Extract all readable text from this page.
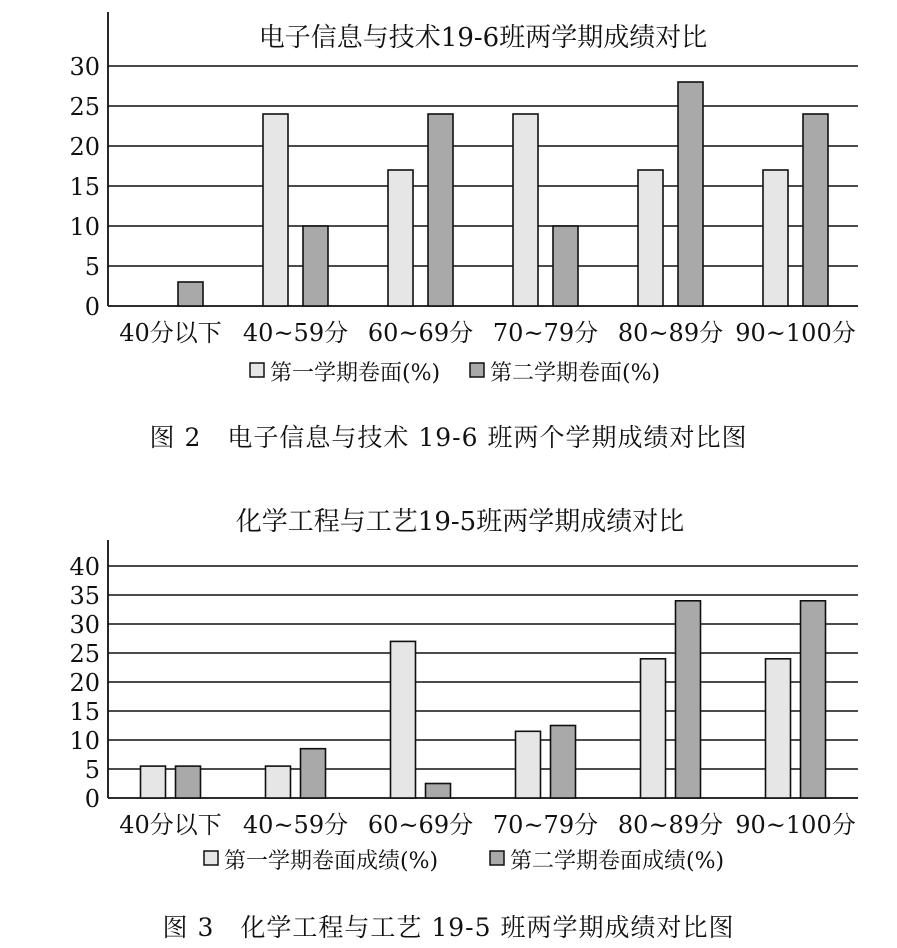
电子信息与技术19-6班两学期成绩对比
0
5
10
15
20
25
30
40分以下 40~59分 60~69分 70~79分 80~89分 90~100分
第一学期卷面(%) 第二学期卷面(%)
图 2　电子信息与技术 19-6 班两个学期成绩对比图
化学工程与工艺19-5班两学期成绩对比
0
5
10
15
20
25
30
35
40
40分以下 40~59分 60~69分 70~79分 80~89分 90~100分
第一学期卷面成绩(%)	第二学期卷面成绩(%)
图 3　化学工程与工艺 19-5 班两学期成绩对比图
